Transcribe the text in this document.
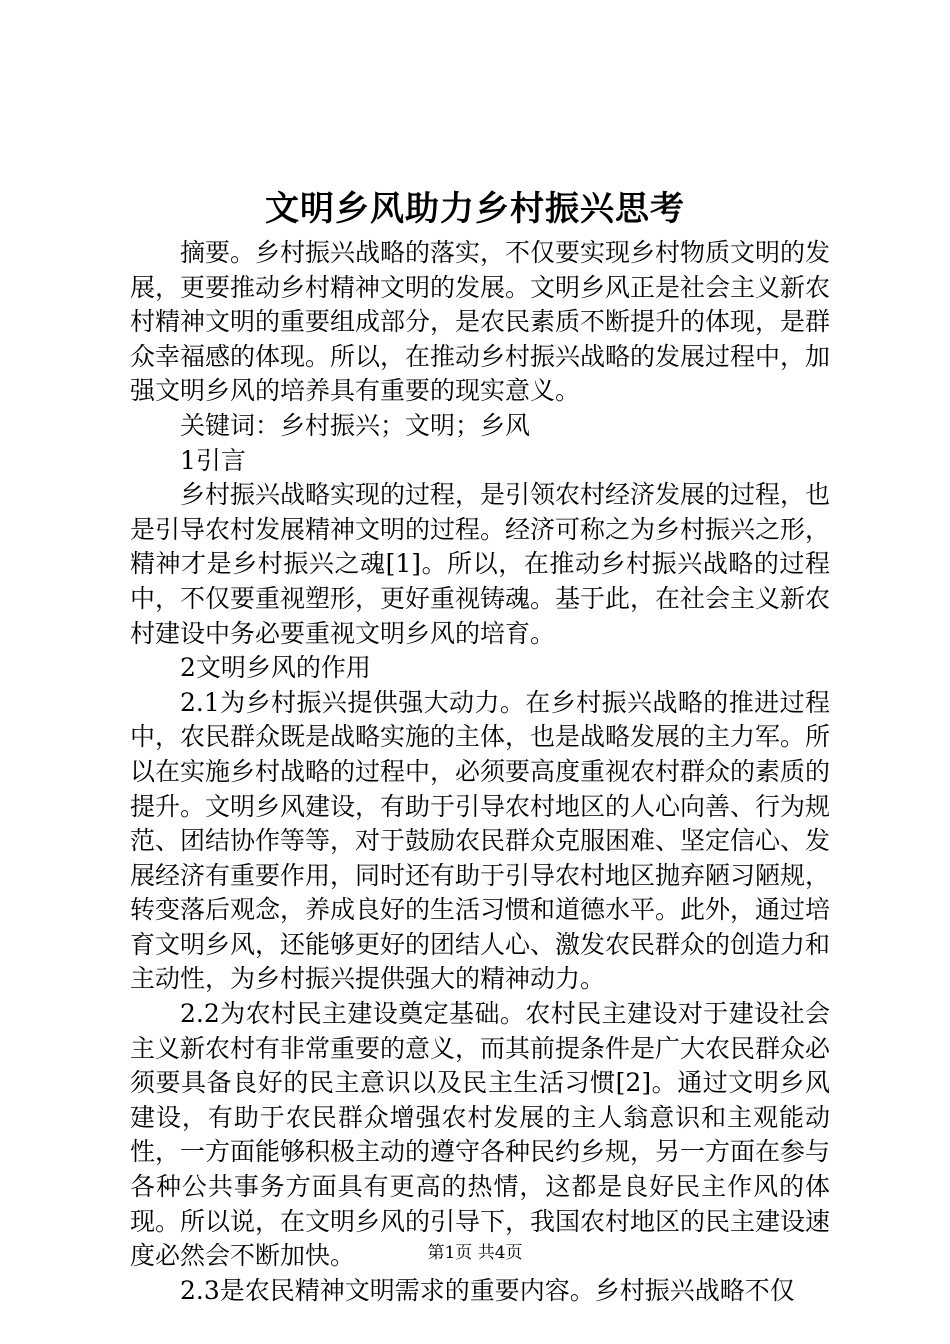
文明乡风助力乡村振兴思考

摘要。乡村振兴战略的落实，不仅要实现乡村物质文明的发展，更要推动乡村精神文明的发展。文明乡风正是社会主义新农村精神文明的重要组成部分，是农民素质不断提升的体现，是群众幸福感的体现。所以，在推动乡村振兴战略的发展过程中，加强文明乡风的培养具有重要的现实意义。

关键词：乡村振兴；文明；乡风

1引言

乡村振兴战略实现的过程，是引领农村经济发展的过程，也是引导农村发展精神文明的过程。经济可称之为乡村振兴之形，精神才是乡村振兴之魂[1]。所以，在推动乡村振兴战略的过程中，不仅要重视塑形，更好重视铸魂。基于此，在社会主义新农村建设中务必要重视文明乡风的培育。

2文明乡风的作用

2.1为乡村振兴提供强大动力。在乡村振兴战略的推进过程中，农民群众既是战略实施的主体，也是战略发展的主力军。所以在实施乡村战略的过程中，必须要高度重视农村群众的素质的提升。文明乡风建设，有助于引导农村地区的人心向善、行为规范、团结协作等等，对于鼓励农民群众克服困难、坚定信心、发展经济有重要作用，同时还有助于引导农村地区抛弃陋习陋规，转变落后观念，养成良好的生活习惯和道德水平。此外，通过培育文明乡风，还能够更好的团结人心、激发农民群众的创造力和主动性，为乡村振兴提供强大的精神动力。

2.2为农村民主建设奠定基础。农村民主建设对于建设社会主义新农村有非常重要的意义，而其前提条件是广大农民群众必须要具备良好的民主意识以及民主生活习惯[2]。通过文明乡风建设，有助于农民群众增强农村发展的主人翁意识和主观能动性，一方面能够积极主动的遵守各种民约乡规，另一方面在参与各种公共事务方面具有更高的热情，这都是良好民主作风的体现。所以说，在文明乡风的引导下，我国农村地区的民主建设速度必然会不断加快。

2.3是农民精神文明需求的重要内容。乡村振兴战略不仅

第1页 共4页
